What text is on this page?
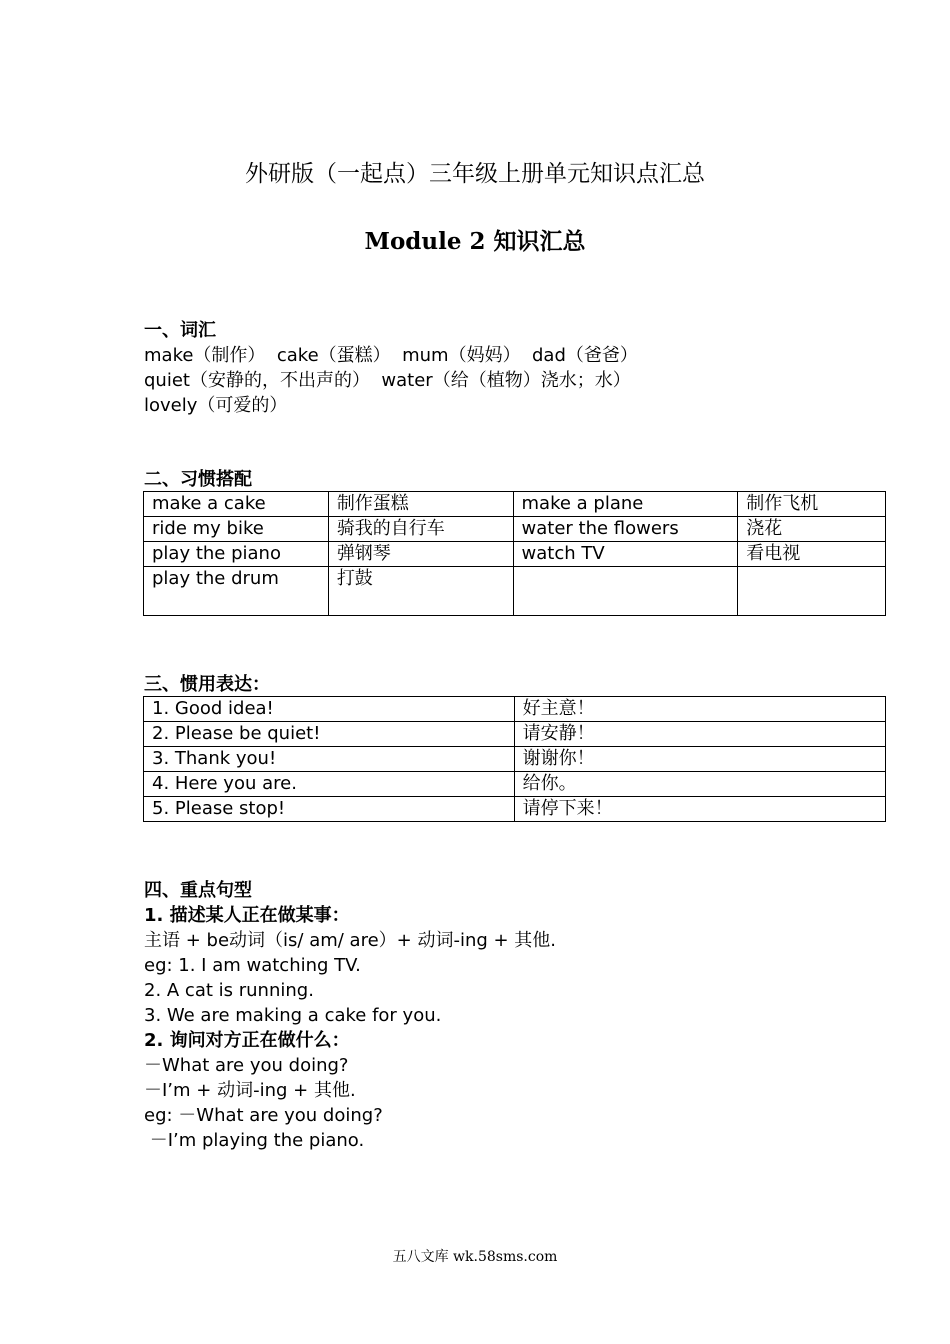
外研版（一起点）三年级上册单元知识点汇总
Module 2 知识汇总
一、词汇
make（制作）  cake（蛋糕）  mum（妈妈）  dad（爸爸）
quiet（安静的，不出声的）  water（给（植物）浇水；水）
lovely（可爱的）
二、习惯搭配
make a cake	制作蛋糕	make a plane	制作飞机
ride my bike	骑我的自行车	water the flowers	浇花
play the piano	弹钢琴	watch TV	看电视
play the drum	打鼓		
三、惯用表达：
1. Good idea!	好主意！
2. Please be quiet!	请安静！
3. Thank you!	谢谢你！
4. Here you are.	给你。
5. Please stop!	请停下来！
四、重点句型
1. 描述某人正在做某事：
主语 + be动词（is/ am/ are）+ 动词-ing + 其他.
eg: 1. I am watching TV.
2. A cat is running.
3. We are making a cake for you.
2. 询问对方正在做什么：
－What are you doing?
－I’m + 动词-ing + 其他.
eg: －What are you doing?
－I’m playing the piano.
五八文库 wk.58sms.com
